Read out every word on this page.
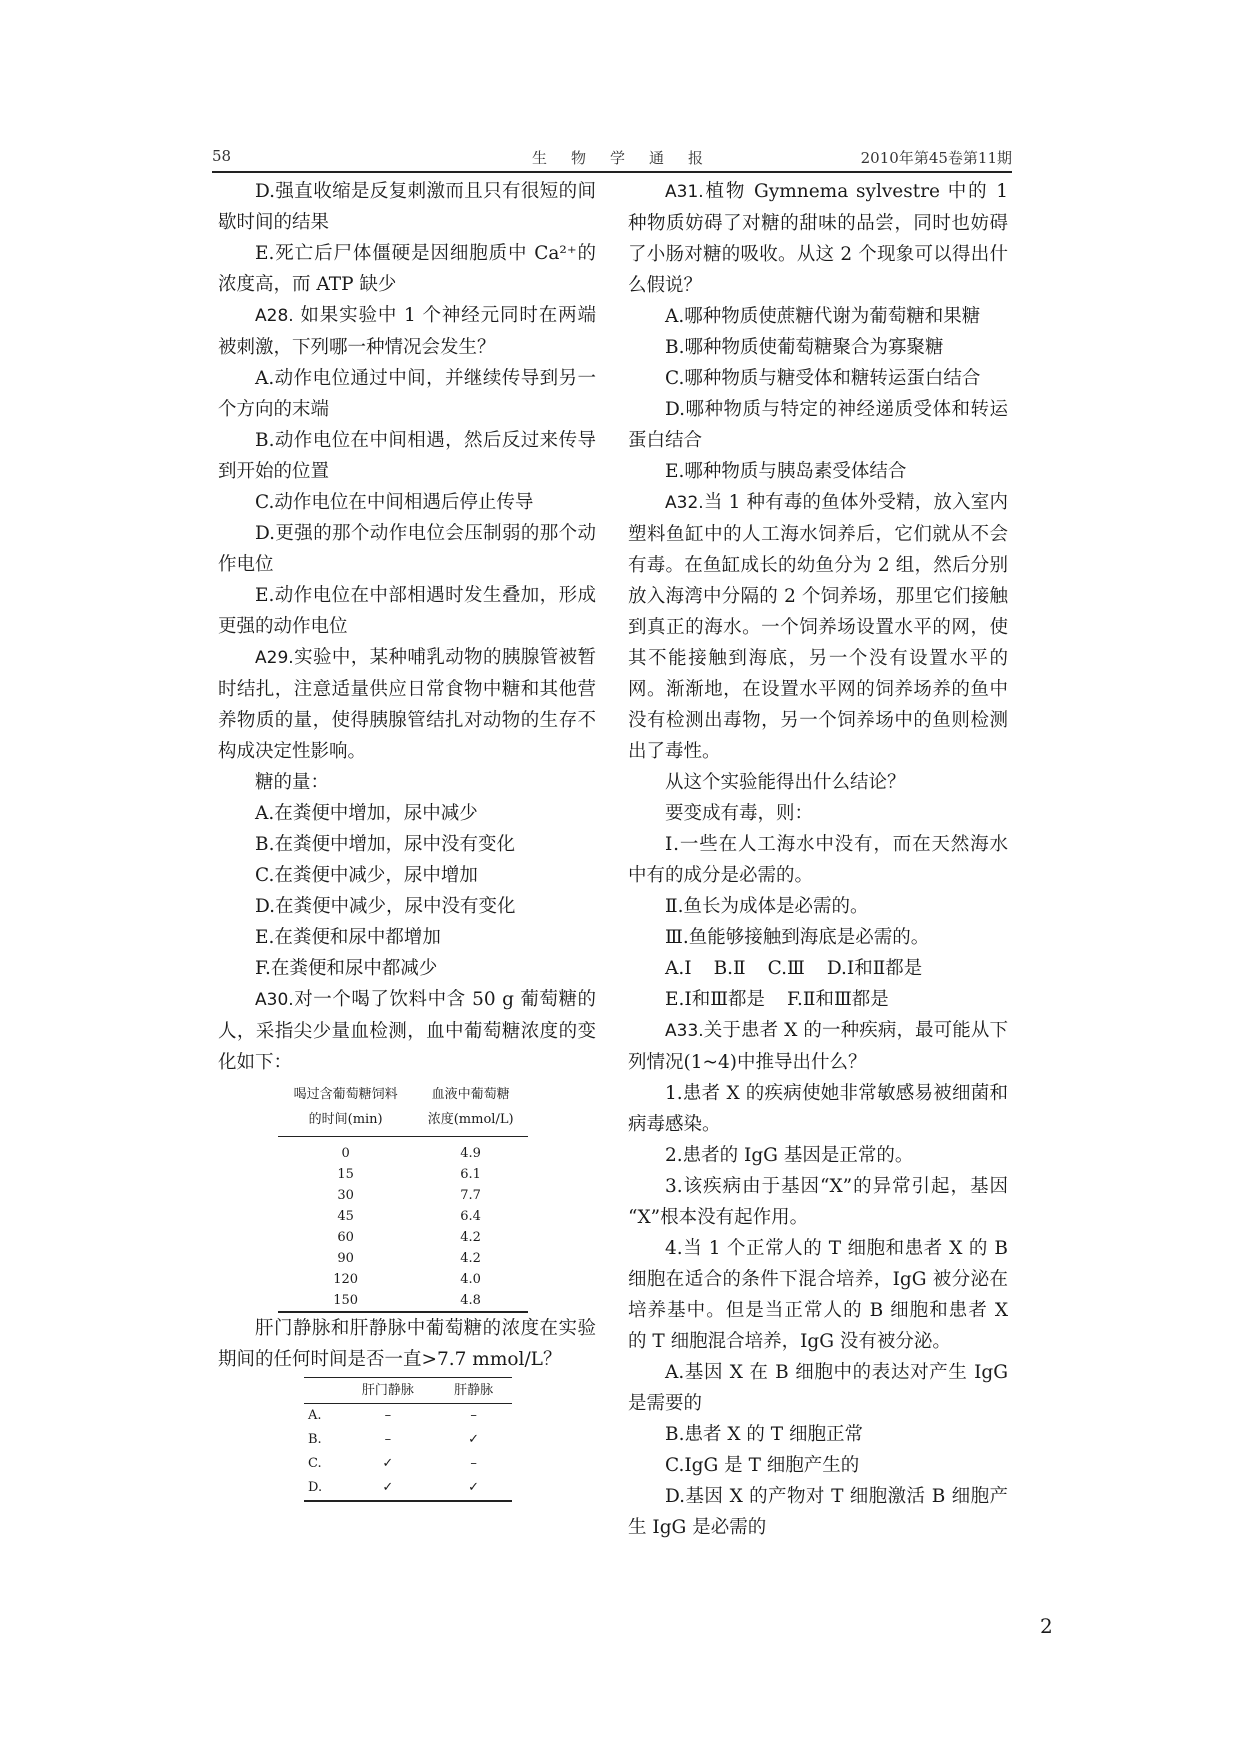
58	生物学通报	2010年第45卷第11期

D.强直收缩是反复刺激而且只有很短的间歇时间的结果

E.死亡后尸体僵硬是因细胞质中 Ca²⁺的浓度高，而 ATP 缺少

A28. 如果实验中 1 个神经元同时在两端被刺激，下列哪一种情况会发生？

A.动作电位通过中间，并继续传导到另一个方向的末端

B.动作电位在中间相遇，然后反过来传导到开始的位置

C.动作电位在中间相遇后停止传导

D.更强的那个动作电位会压制弱的那个动作电位

E.动作电位在中部相遇时发生叠加，形成更强的动作电位

A29.实验中，某种哺乳动物的胰腺管被暂时结扎，注意适量供应日常食物中糖和其他营养物质的量，使得胰腺管结扎对动物的生存不构成决定性影响。

糖的量：

A.在粪便中增加，尿中减少

B.在粪便中增加，尿中没有变化

C.在粪便中减少，尿中增加

D.在粪便中减少，尿中没有变化

E.在粪便和尿中都增加

F.在粪便和尿中都减少

A30.对一个喝了饮料中含 50 g 葡萄糖的人，采指尖少量血检测，血中葡萄糖浓度的变化如下：

喝过含葡萄糖饲料	血液中葡萄糖
的时间(min)	浓度(mmol/L)
0	4.9
15	6.1
30	7.7
45	6.4
60	4.2
90	4.2
120	4.0
150	4.8

肝门静脉和肝静脉中葡萄糖的浓度在实验期间的任何时间是否一直>7.7 mmol/L？

	肝门静脉	肝静脉
A.	–	–
B.	–	✓
C.	✓	–
D.	✓	✓

A31.植物 Gymnema sylvestre 中的 1 种物质妨碍了对糖的甜味的品尝，同时也妨碍了小肠对糖的吸收。从这 2 个现象可以得出什么假说？

A.哪种物质使蔗糖代谢为葡萄糖和果糖

B.哪种物质使葡萄糖聚合为寡聚糖

C.哪种物质与糖受体和糖转运蛋白结合

D.哪种物质与特定的神经递质受体和转运蛋白结合

E.哪种物质与胰岛素受体结合

A32.当 1 种有毒的鱼体外受精，放入室内塑料鱼缸中的人工海水饲养后，它们就从不会有毒。在鱼缸成长的幼鱼分为 2 组，然后分别放入海湾中分隔的 2 个饲养场，那里它们接触到真正的海水。一个饲养场设置水平的网，使其不能接触到海底，另一个没有设置水平的网。渐渐地，在设置水平网的饲养场养的鱼中没有检测出毒物，另一个饲养场中的鱼则检测出了毒性。

从这个实验能得出什么结论？

要变成有毒，则：

Ⅰ.一些在人工海水中没有，而在天然海水中有的成分是必需的。

Ⅱ.鱼长为成体是必需的。

Ⅲ.鱼能够接触到海底是必需的。

A.Ⅰ B.Ⅱ C.Ⅲ D.Ⅰ和Ⅱ都是
E.Ⅰ和Ⅲ都是 F.Ⅱ和Ⅲ都是

A33.关于患者 X 的一种疾病，最可能从下列情况(1~4)中推导出什么？

1.患者 X 的疾病使她非常敏感易被细菌和病毒感染。

2.患者的 IgG 基因是正常的。

3.该疾病由于基因“X”的异常引起，基因 “X”根本没有起作用。

4.当 1 个正常人的 T 细胞和患者 X 的 B 细胞在适合的条件下混合培养，IgG 被分泌在培养基中。但是当正常人的 B 细胞和患者 X 的 T 细胞混合培养，IgG 没有被分泌。

A.基因 X 在 B 细胞中的表达对产生 IgG 是需要的

B.患者 X 的 T 细胞正常

C.IgG 是 T 细胞产生的

D.基因 X 的产物对 T 细胞激活 B 细胞产生 IgG 是必需的

2
